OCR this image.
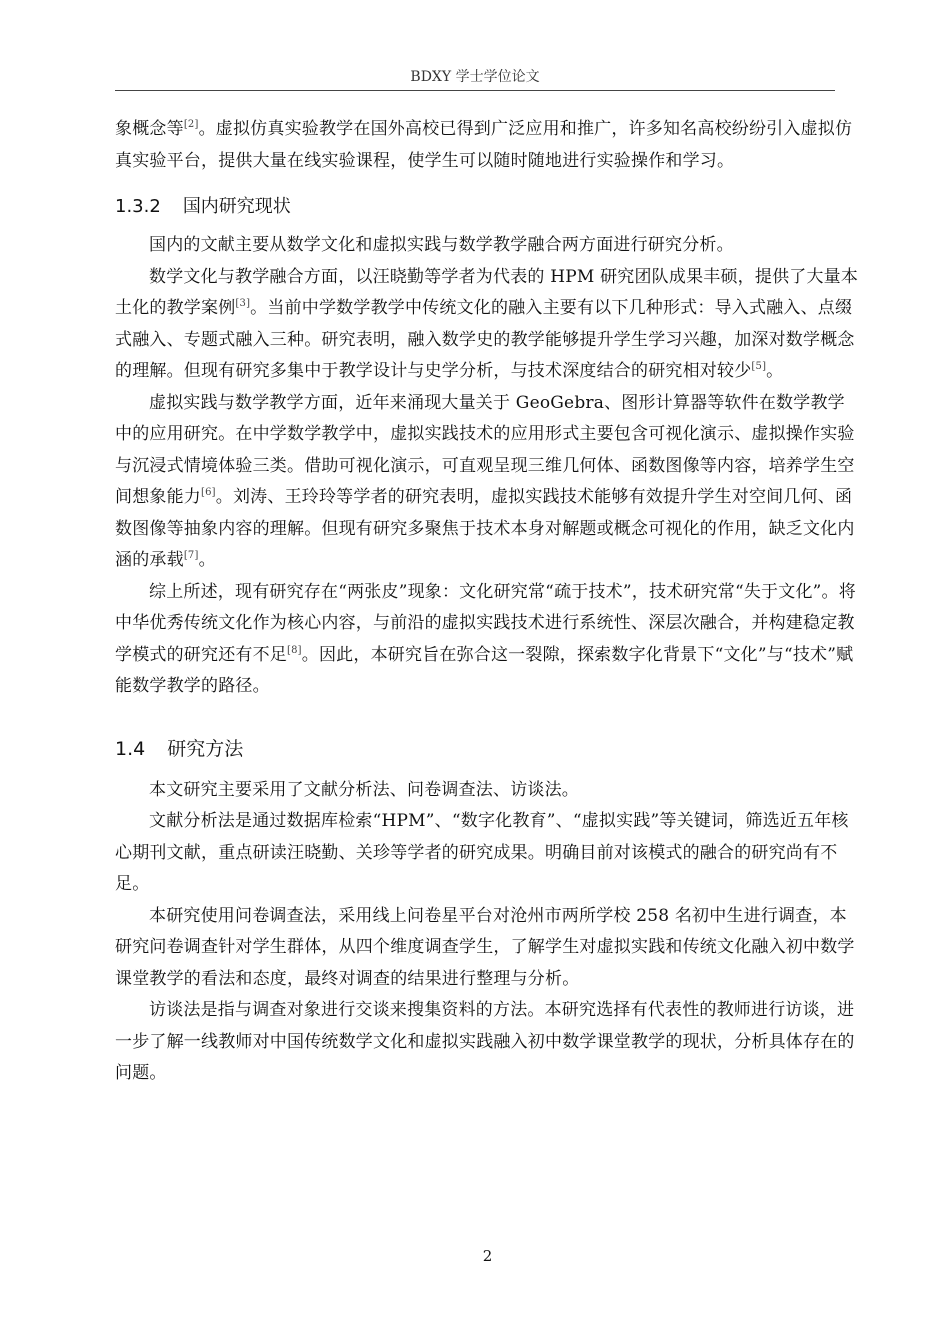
BDXY 学士学位论文

象概念等[2]。虚拟仿真实验教学在国外高校已得到广泛应用和推广，许多知名高校纷纷引入虚拟仿真实验平台，提供大量在线实验课程，使学生可以随时随地进行实验操作和学习。

1.3.2 国内研究现状

国内的文献主要从数学文化和虚拟实践与数学教学融合两方面进行研究分析。

数学文化与教学融合方面，以汪晓勤等学者为代表的 HPM 研究团队成果丰硕，提供了大量本土化的教学案例[3]。当前中学数学教学中传统文化的融入主要有以下几种形式：导入式融入、点缀式融入、专题式融入三种。研究表明，融入数学史的教学能够提升学生学习兴趣，加深对数学概念的理解。但现有研究多集中于教学设计与史学分析，与技术深度结合的研究相对较少[5]。

虚拟实践与数学教学方面，近年来涌现大量关于 GeoGebra、图形计算器等软件在数学教学中的应用研究。在中学数学教学中，虚拟实践技术的应用形式主要包含可视化演示、虚拟操作实验与沉浸式情境体验三类。借助可视化演示，可直观呈现三维几何体、函数图像等内容，培养学生空间想象能力[6]。刘涛、王玲玲等学者的研究表明，虚拟实践技术能够有效提升学生对空间几何、函数图像等抽象内容的理解。但现有研究多聚焦于技术本身对解题或概念可视化的作用，缺乏文化内涵的承载[7]。

综上所述，现有研究存在“两张皮”现象：文化研究常“疏于技术”，技术研究常“失于文化”。将中华优秀传统文化作为核心内容，与前沿的虚拟实践技术进行系统性、深层次融合，并构建稳定教学模式的研究还有不足[8]。因此，本研究旨在弥合这一裂隙，探索数字化背景下“文化”与“技术”赋能数学教学的路径。

1.4 研究方法

本文研究主要采用了文献分析法、问卷调查法、访谈法。

文献分析法是通过数据库检索“HPM”、“数字化教育”、“虚拟实践”等关键词，筛选近五年核心期刊文献，重点研读汪晓勤、关珍等学者的研究成果。明确目前对该模式的融合的研究尚有不足。

本研究使用问卷调查法，采用线上问卷星平台对沧州市两所学校 258 名初中生进行调查，本研究问卷调查针对学生群体，从四个维度调查学生，了解学生对虚拟实践和传统文化融入初中数学课堂教学的看法和态度，最终对调查的结果进行整理与分析。

访谈法是指与调查对象进行交谈来搜集资料的方法。本研究选择有代表性的教师进行访谈，进一步了解一线教师对中国传统数学文化和虚拟实践融入初中数学课堂教学的现状，分析具体存在的问题。

2
